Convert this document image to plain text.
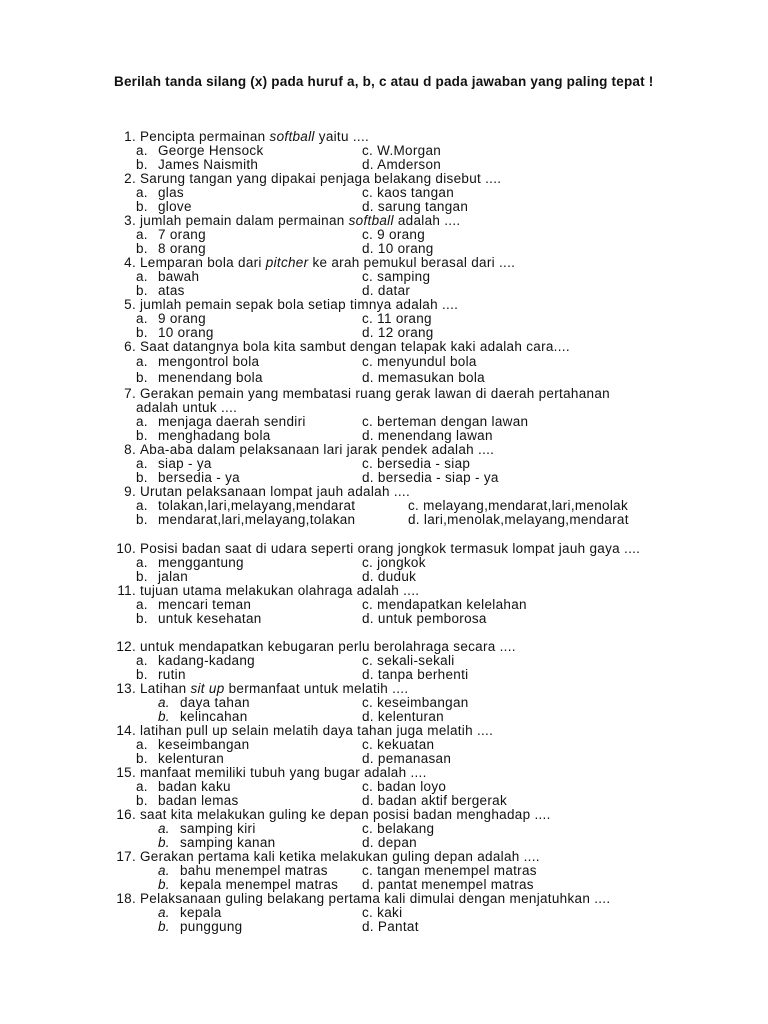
Berilah tanda silang (x) pada huruf a, b, c atau d pada jawaban yang paling tepat !
1. Pencipta permainan softball yaitu ....
a. George Hensock
b. James Naismith
c. W.Morgan
d. Amderson
2. Sarung tangan yang dipakai penjaga belakang disebut ....
a. glas
b. glove
c. kaos tangan
d. sarung tangan
3. jumlah pemain dalam permainan softball adalah ....
a. 7 orang
b. 8 orang
c. 9 orang
d. 10 orang
4. Lemparan bola dari pitcher ke arah pemukul berasal dari ....
a. bawah
b. atas
c. samping
d. datar
5. jumlah pemain sepak bola setiap timnya adalah ....
a. 9 orang
b. 10 orang
c. 11 orang
d. 12 orang
6. Saat datangnya bola kita sambut dengan telapak kaki adalah cara....
a. mengontrol bola
b. menendang bola
c. menyundul bola
d. memasukan bola
7. Gerakan pemain yang membatasi ruang gerak lawan di daerah pertahanan
adalah untuk ....
a. menjaga daerah sendiri
b. menghadang bola
c. berteman dengan lawan
d. menendang lawan
8. Aba-aba dalam pelaksanaan lari jarak pendek adalah ....
a. siap - ya
b. bersedia - ya
c. bersedia - siap
d. bersedia - siap - ya
9. Urutan pelaksanaan lompat jauh adalah ....
a. tolakan,lari,melayang,mendarat
b. mendarat,lari,melayang,tolakan
c. melayang,mendarat,lari,menolak
d. lari,menolak,melayang,mendarat
10. Posisi badan saat di udara seperti orang jongkok termasuk lompat jauh gaya ....
a. menggantung
b. jalan
c. jongkok
d. duduk
11. tujuan utama melakukan olahraga adalah ....
a. mencari teman
b. untuk kesehatan
c. mendapatkan kelelahan
d. untuk pemborosa
12. untuk mendapatkan kebugaran perlu berolahraga secara ....
a. kadang-kadang
b. rutin
c. sekali-sekali
d. tanpa berhenti
13. Latihan sit up bermanfaat untuk melatih ....
a. daya tahan
b. kelincahan
c. keseimbangan
d. kelenturan
14. latihan pull up selain melatih daya tahan juga melatih ....
a. keseimbangan
b. kelenturan
c. kekuatan
d. pemanasan
15. manfaat memiliki tubuh yang bugar adalah ....
a. badan kaku
b. badan lemas
c. badan loyo
d. badan aktif bergerak
16. saat kita melakukan guling ke depan posisi badan menghadap ....
a. samping kiri
b. samping kanan
c. belakang
d. depan
17. Gerakan pertama kali ketika melakukan guling depan adalah ....
a. bahu menempel matras
b. kepala menempel matras
c. tangan menempel matras
d. pantat menempel matras
18. Pelaksanaan guling belakang pertama kali dimulai dengan menjatuhkan ....
a. kepala
b. punggung
c. kaki
d. Pantat
